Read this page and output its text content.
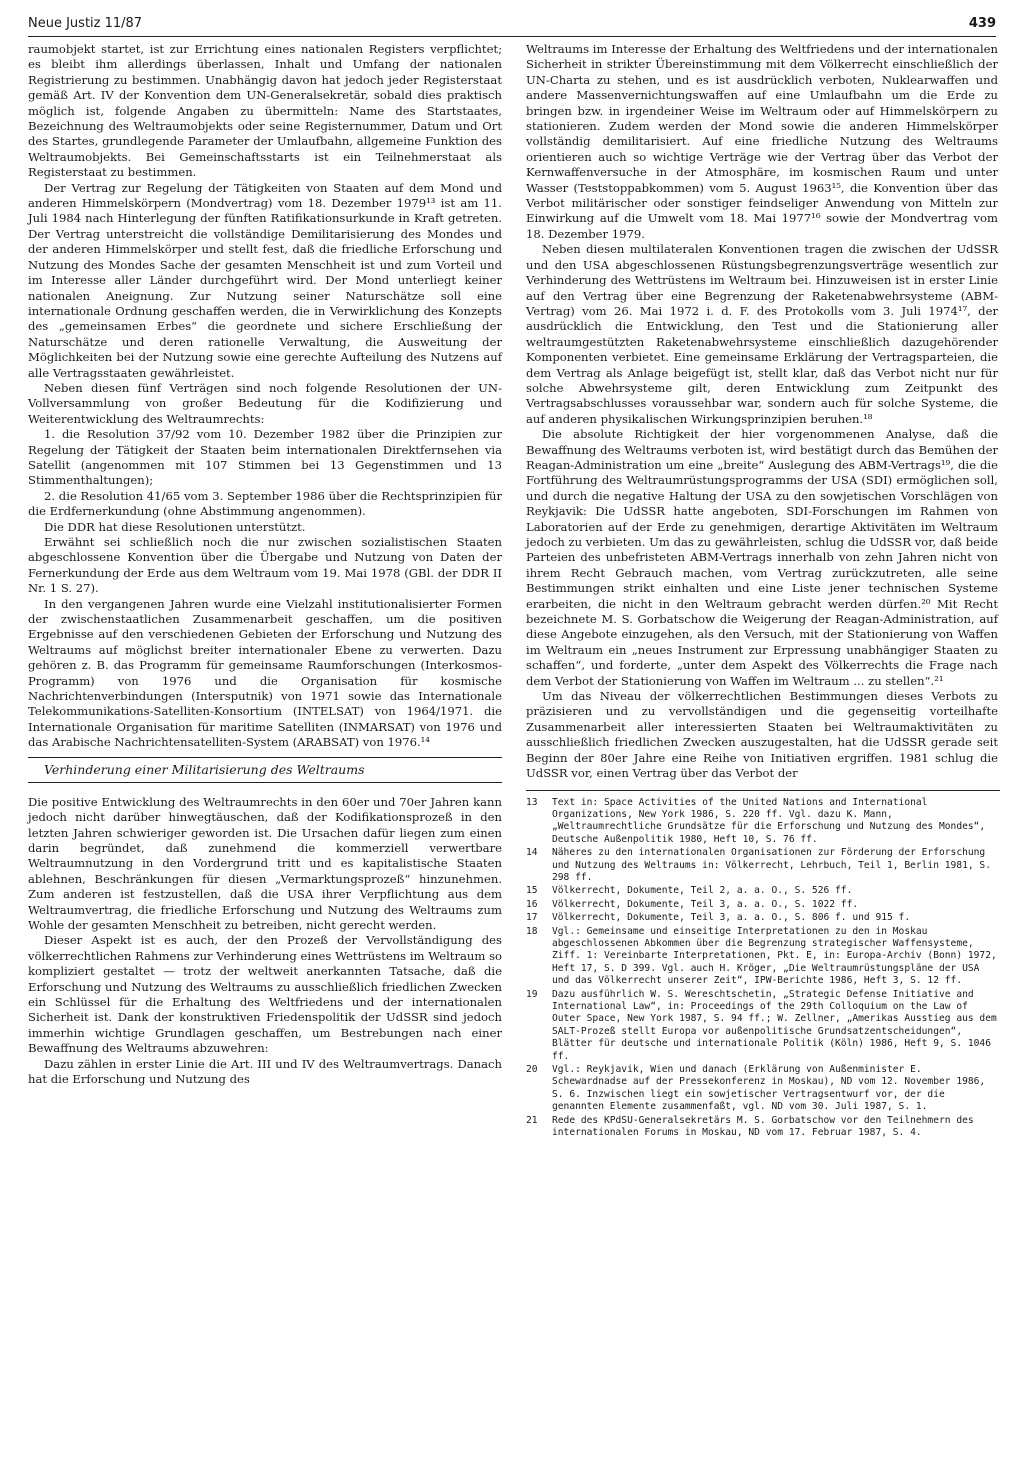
Neue Justiz 11/87	439

raumobjekt startet, ist zur Errichtung eines nationalen Registers verpflichtet; es bleibt ihm allerdings überlassen, Inhalt und Umfang der nationalen Registrierung zu bestimmen. Unabhängig davon hat jedoch jeder Registerstaat gemäß Art. IV der Konvention dem UN-Generalsekretär, sobald dies praktisch möglich ist, folgende Angaben zu übermitteln: Name des Startstaates, Bezeichnung des Weltraumobjekts oder seine Registernummer, Datum und Ort des Startes, grundlegende Parameter der Umlaufbahn, allgemeine Funktion des Weltraumobjekts. Bei Gemeinschaftsstarts ist ein Teilnehmerstaat als Registerstaat zu bestimmen.

Der Vertrag zur Regelung der Tätigkeiten von Staaten auf dem Mond und anderen Himmelskörpern (Mondvertrag) vom 18. Dezember 1979¹³ ist am 11. Juli 1984 nach Hinterlegung der fünften Ratifikationsurkunde in Kraft getreten. Der Vertrag unterstreicht die vollständige Demilitarisierung des Mondes und der anderen Himmelskörper und stellt fest, daß die friedliche Erforschung und Nutzung des Mondes Sache der gesamten Menschheit ist und zum Vorteil und im Interesse aller Länder durchgeführt wird. Der Mond unterliegt keiner nationalen Aneignung. Zur Nutzung seiner Naturschätze soll eine internationale Ordnung geschaffen werden, die in Verwirklichung des Konzepts des „gemeinsamen Erbes“ die geordnete und sichere Erschließung der Naturschätze und deren rationelle Verwaltung, die Ausweitung der Möglichkeiten bei der Nutzung sowie eine gerechte Aufteilung des Nutzens auf alle Vertragsstaaten gewährleistet.

Neben diesen fünf Verträgen sind noch folgende Resolutionen der UN-Vollversammlung von großer Bedeutung für die Kodifizierung und Weiterentwicklung des Weltraumrechts:

1. die Resolution 37/92 vom 10. Dezember 1982 über die Prinzipien zur Regelung der Tätigkeit der Staaten beim internationalen Direktfernsehen via Satellit (angenommen mit 107 Stimmen bei 13 Gegenstimmen und 13 Stimmenthaltungen);

2. die Resolution 41/65 vom 3. September 1986 über die Rechtsprinzipien für die Erdfernerkundung (ohne Abstimmung angenommen).

Die DDR hat diese Resolutionen unterstützt.

Erwähnt sei schließlich noch die nur zwischen sozialistischen Staaten abgeschlossene Konvention über die Übergabe und Nutzung von Daten der Fernerkundung der Erde aus dem Weltraum vom 19. Mai 1978 (GBl. der DDR II Nr. 1 S. 27).

In den vergangenen Jahren wurde eine Vielzahl institutionalisierter Formen der zwischenstaatlichen Zusammenarbeit geschaffen, um die positiven Ergebnisse auf den verschiedenen Gebieten der Erforschung und Nutzung des Weltraums auf möglichst breiter internationaler Ebene zu verwerten. Dazu gehören z. B. das Programm für gemeinsame Raumforschungen (Interkosmos-Programm) von 1976 und die Organisation für kosmische Nachrichtenverbindungen (Intersputnik) von 1971 sowie das Internationale Telekommunikations-Satelliten-Konsortium (INTELSAT) von 1964/1971. die Internationale Organisation für maritime Satelliten (INMARSAT) von 1976 und das Arabische Nachrichtensatelliten-System (ARABSAT) von 1976.¹⁴

Verhinderung einer Militarisierung des Weltraums

Die positive Entwicklung des Weltraumrechts in den 60er und 70er Jahren kann jedoch nicht darüber hinwegtäuschen, daß der Kodifikationsprozeß in den letzten Jahren schwieriger geworden ist. Die Ursachen dafür liegen zum einen darin begründet, daß zunehmend die kommerziell verwertbare Weltraumnutzung in den Vordergrund tritt und es kapitalistische Staaten ablehnen, Beschränkungen für diesen „Vermarktungsprozeß“ hinzunehmen. Zum anderen ist festzustellen, daß die USA ihrer Verpflichtung aus dem Weltraumvertrag, die friedliche Erforschung und Nutzung des Weltraums zum Wohle der gesamten Menschheit zu betreiben, nicht gerecht werden.

Dieser Aspekt ist es auch, der den Prozeß der Vervollständigung des völkerrechtlichen Rahmens zur Verhinderung eines Wettrüstens im Weltraum so kompliziert gestaltet — trotz der weltweit anerkannten Tatsache, daß die Erforschung und Nutzung des Weltraums zu ausschließlich friedlichen Zwecken ein Schlüssel für die Erhaltung des Weltfriedens und der internationalen Sicherheit ist. Dank der konstruktiven Friedenspolitik der UdSSR sind jedoch immerhin wichtige Grundlagen geschaffen, um Bestrebungen nach einer Bewaffnung des Weltraums abzuwehren:

Dazu zählen in erster Linie die Art. III und IV des Weltraumvertrags. Danach hat die Erforschung und Nutzung des

Weltraums im Interesse der Erhaltung des Weltfriedens und der internationalen Sicherheit in strikter Übereinstimmung mit dem Völkerrecht einschließlich der UN-Charta zu stehen, und es ist ausdrücklich verboten, Nuklearwaffen und andere Massenvernichtungswaffen auf eine Umlaufbahn um die Erde zu bringen bzw. in irgendeiner Weise im Weltraum oder auf Himmelskörpern zu stationieren. Zudem werden der Mond sowie die anderen Himmelskörper vollständig demilitarisiert. Auf eine friedliche Nutzung des Weltraums orientieren auch so wichtige Verträge wie der Vertrag über das Verbot der Kernwaffenversuche in der Atmosphäre, im kosmischen Raum und unter Wasser (Teststoppabkommen) vom 5. August 1963¹⁵, die Konvention über das Verbot militärischer oder sonstiger feindseliger Anwendung von Mitteln zur Einwirkung auf die Umwelt vom 18. Mai 1977¹⁶ sowie der Mondvertrag vom 18. Dezember 1979.

Neben diesen multilateralen Konventionen tragen die zwischen der UdSSR und den USA abgeschlossenen Rüstungsbegrenzungsverträge wesentlich zur Verhinderung des Wettrüstens im Weltraum bei. Hinzuweisen ist in erster Linie auf den Vertrag über eine Begrenzung der Raketenabwehrsysteme (ABM-Vertrag) vom 26. Mai 1972 i. d. F. des Protokolls vom 3. Juli 1974¹⁷, der ausdrücklich die Entwicklung, den Test und die Stationierung aller weltraumgestützten Raketenabwehrsysteme einschließlich dazugehörender Komponenten verbietet. Eine gemeinsame Erklärung der Vertragsparteien, die dem Vertrag als Anlage beigefügt ist, stellt klar, daß das Verbot nicht nur für solche Abwehrsysteme gilt, deren Entwicklung zum Zeitpunkt des Vertragsabschlusses voraussehbar war, sondern auch für solche Systeme, die auf anderen physikalischen Wirkungsprinzipien beruhen.¹⁸

Die absolute Richtigkeit der hier vorgenommenen Analyse, daß die Bewaffnung des Weltraums verboten ist, wird bestätigt durch das Bemühen der Reagan-Administration um eine „breite“ Auslegung des ABM-Vertrags¹⁹, die die Fortführung des Weltraumrüstungsprogramms der USA (SDI) ermöglichen soll, und durch die negative Haltung der USA zu den sowjetischen Vorschlägen von Reykjavik: Die UdSSR hatte angeboten, SDI-Forschungen im Rahmen von Laboratorien auf der Erde zu genehmigen, derartige Aktivitäten im Weltraum jedoch zu verbieten. Um das zu gewährleisten, schlug die UdSSR vor, daß beide Parteien des unbefristeten ABM-Vertrags innerhalb von zehn Jahren nicht von ihrem Recht Gebrauch machen, vom Vertrag zurückzutreten, alle seine Bestimmungen strikt einhalten und eine Liste jener technischen Systeme erarbeiten, die nicht in den Weltraum gebracht werden dürfen.²⁰ Mit Recht bezeichnete M. S. Gorbatschow die Weigerung der Reagan-Administration, auf diese Angebote einzugehen, als den Versuch, mit der Stationierung von Waffen im Weltraum ein „neues Instrument zur Erpressung unabhängiger Staaten zu schaffen“, und forderte, „unter dem Aspekt des Völkerrechts die Frage nach dem Verbot der Stationierung von Waffen im Weltraum ... zu stellen“.²¹

Um das Niveau der völkerrechtlichen Bestimmungen dieses Verbots zu präzisieren und zu vervollständigen und die gegenseitig vorteilhafte Zusammenarbeit aller interessierten Staaten bei Weltraumaktivitäten zu ausschließlich friedlichen Zwecken auszugestalten, hat die UdSSR gerade seit Beginn der 80er Jahre eine Reihe von Initiativen ergriffen. 1981 schlug die UdSSR vor, einen Vertrag über das Verbot der

13	Text in: Space Activities of the United Nations and International Organizations, New York 1986, S. 220 ff. Vgl. dazu K. Mann, „Weltraumrechtliche Grundsätze für die Erforschung und Nutzung des Mondes“, Deutsche Außenpolitik 1980, Heft 10, S. 76 ff.
14	Näheres zu den internationalen Organisationen zur Förderung der Erforschung und Nutzung des Weltraums in: Völkerrecht, Lehrbuch, Teil 1, Berlin 1981, S. 298 ff.
15	Völkerrecht, Dokumente, Teil 2, a. a. O., S. 526 ff.
16	Völkerrecht, Dokumente, Teil 3, a. a. O., S. 1022 ff.
17	Völkerrecht, Dokumente, Teil 3, a. a. O., S. 806 f. und 915 f.
18	Vgl.: Gemeinsame und einseitige Interpretationen zu den in Moskau abgeschlossenen Abkommen über die Begrenzung strategischer Waffensysteme, Ziff. 1: Vereinbarte Interpretationen, Pkt. E, in: Europa-Archiv (Bonn) 1972, Heft 17, S. D 399. Vgl. auch H. Kröger, „Die Weltraumrüstungspläne der USA und das Völkerrecht unserer Zeit“, IPW-Berichte 1986, Heft 3, S. 12 ff.
19	Dazu ausführlich W. S. Wereschtschetin, „Strategic Defense Initiative and International Law“, in: Proceedings of the 29th Colloquium on the Law of Outer Space, New York 1987, S. 94 ff.; W. Zellner, „Amerikas Ausstieg aus dem SALT-Prozeß stellt Europa vor außenpolitische Grundsatzentscheidungen“, Blätter für deutsche und internationale Politik (Köln) 1986, Heft 9, S. 1046 ff.
20	Vgl.: Reykjavik, Wien und danach (Erklärung von Außenminister E. Schewardnadse auf der Pressekonferenz in Moskau), ND vom 12. November 1986, S. 6. Inzwischen liegt ein sowjetischer Vertragsentwurf vor, der die genannten Elemente zusammenfaßt, vgl. ND vom 30. Juli 1987, S. 1.
21	Rede des KPdSU-Generalsekretärs M. S. Gorbatschow vor den Teilnehmern des internationalen Forums in Moskau, ND vom 17. Februar 1987, S. 4.
